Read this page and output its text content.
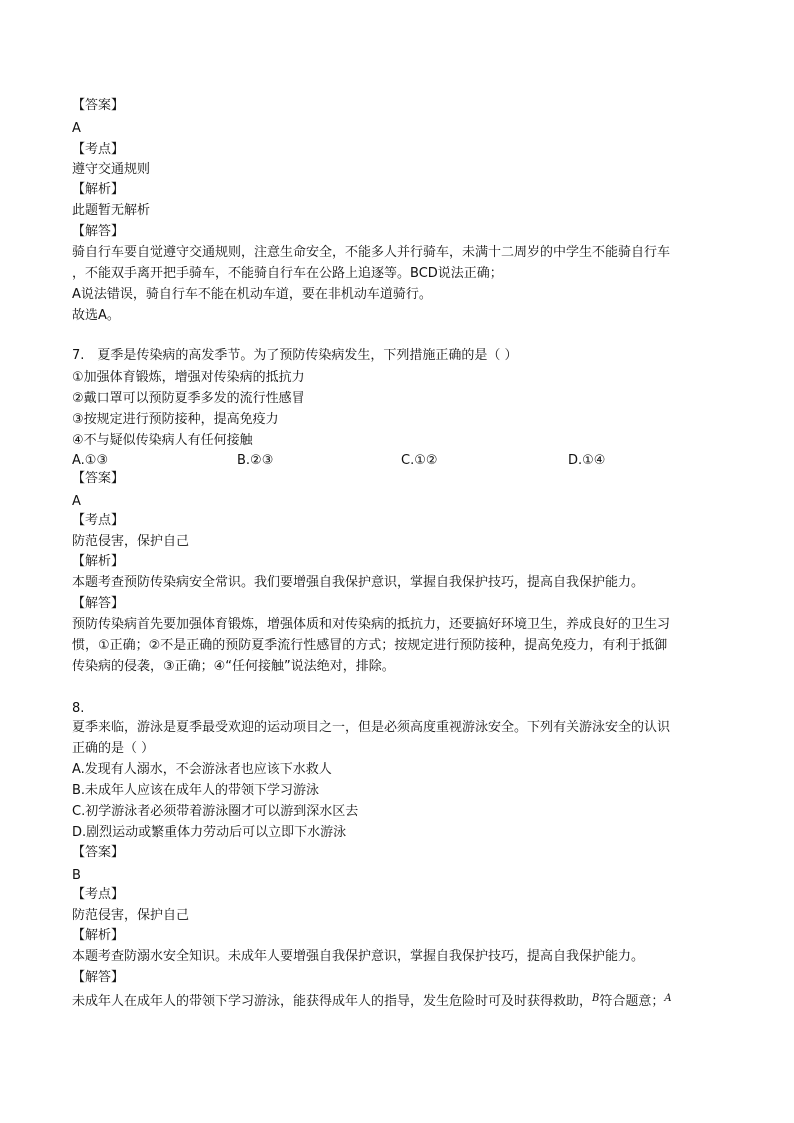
【答案】
A
【考点】
遵守交通规则
【解析】
此题暂无解析
【解答】
骑自行车要自觉遵守交通规则，注意生命安全，不能多人并行骑车，未满十二周岁的中学生不能骑自行车
，不能双手离开把手骑车，不能骑自行车在公路上追逐等。BCD说法正确；
A说法错误，骑自行车不能在机动车道，要在非机动车道骑行。
故选A。
7.　夏季是传染病的高发季节。为了预防传染病发生，下列措施正确的是（ ）
①加强体育锻炼，增强对传染病的抵抗力
②戴口罩可以预防夏季多发的流行性感冒
③按规定进行预防接种，提高免疫力
④不与疑似传染病人有任何接触
A.①③	B.②③	C.①②	D.①④
【答案】
A
【考点】
防范侵害，保护自己
【解析】
本题考查预防传染病安全常识。我们要增强自我保护意识，掌握自我保护技巧，提高自我保护能力。
【解答】
预防传染病首先要加强体育锻炼，增强体质和对传染病的抵抗力，还要搞好环境卫生，养成良好的卫生习
惯，①正确；②不是正确的预防夏季流行性感冒的方式；按规定进行预防接种，提高免疫力，有利于抵御
传染病的侵袭，③正确；④“任何接触”说法绝对，排除。
8.
夏季来临，游泳是夏季最受欢迎的运动项目之一，但是必须高度重视游泳安全。下列有关游泳安全的认识
正确的是（ ）
A.发现有人溺水，不会游泳者也应该下水救人
B.未成年人应该在成年人的带领下学习游泳
C.初学游泳者必须带着游泳圈才可以游到深水区去
D.剧烈运动或繁重体力劳动后可以立即下水游泳
【答案】
B
【考点】
防范侵害，保护自己
【解析】
本题考查防溺水安全知识。未成年人要增强自我保护意识，掌握自我保护技巧，提高自我保护能力。
【解答】
未成年人在成年人的带领下学习游泳，能获得成年人的指导，发生危险时可及时获得救助，$^B$符合题意；$^A$
